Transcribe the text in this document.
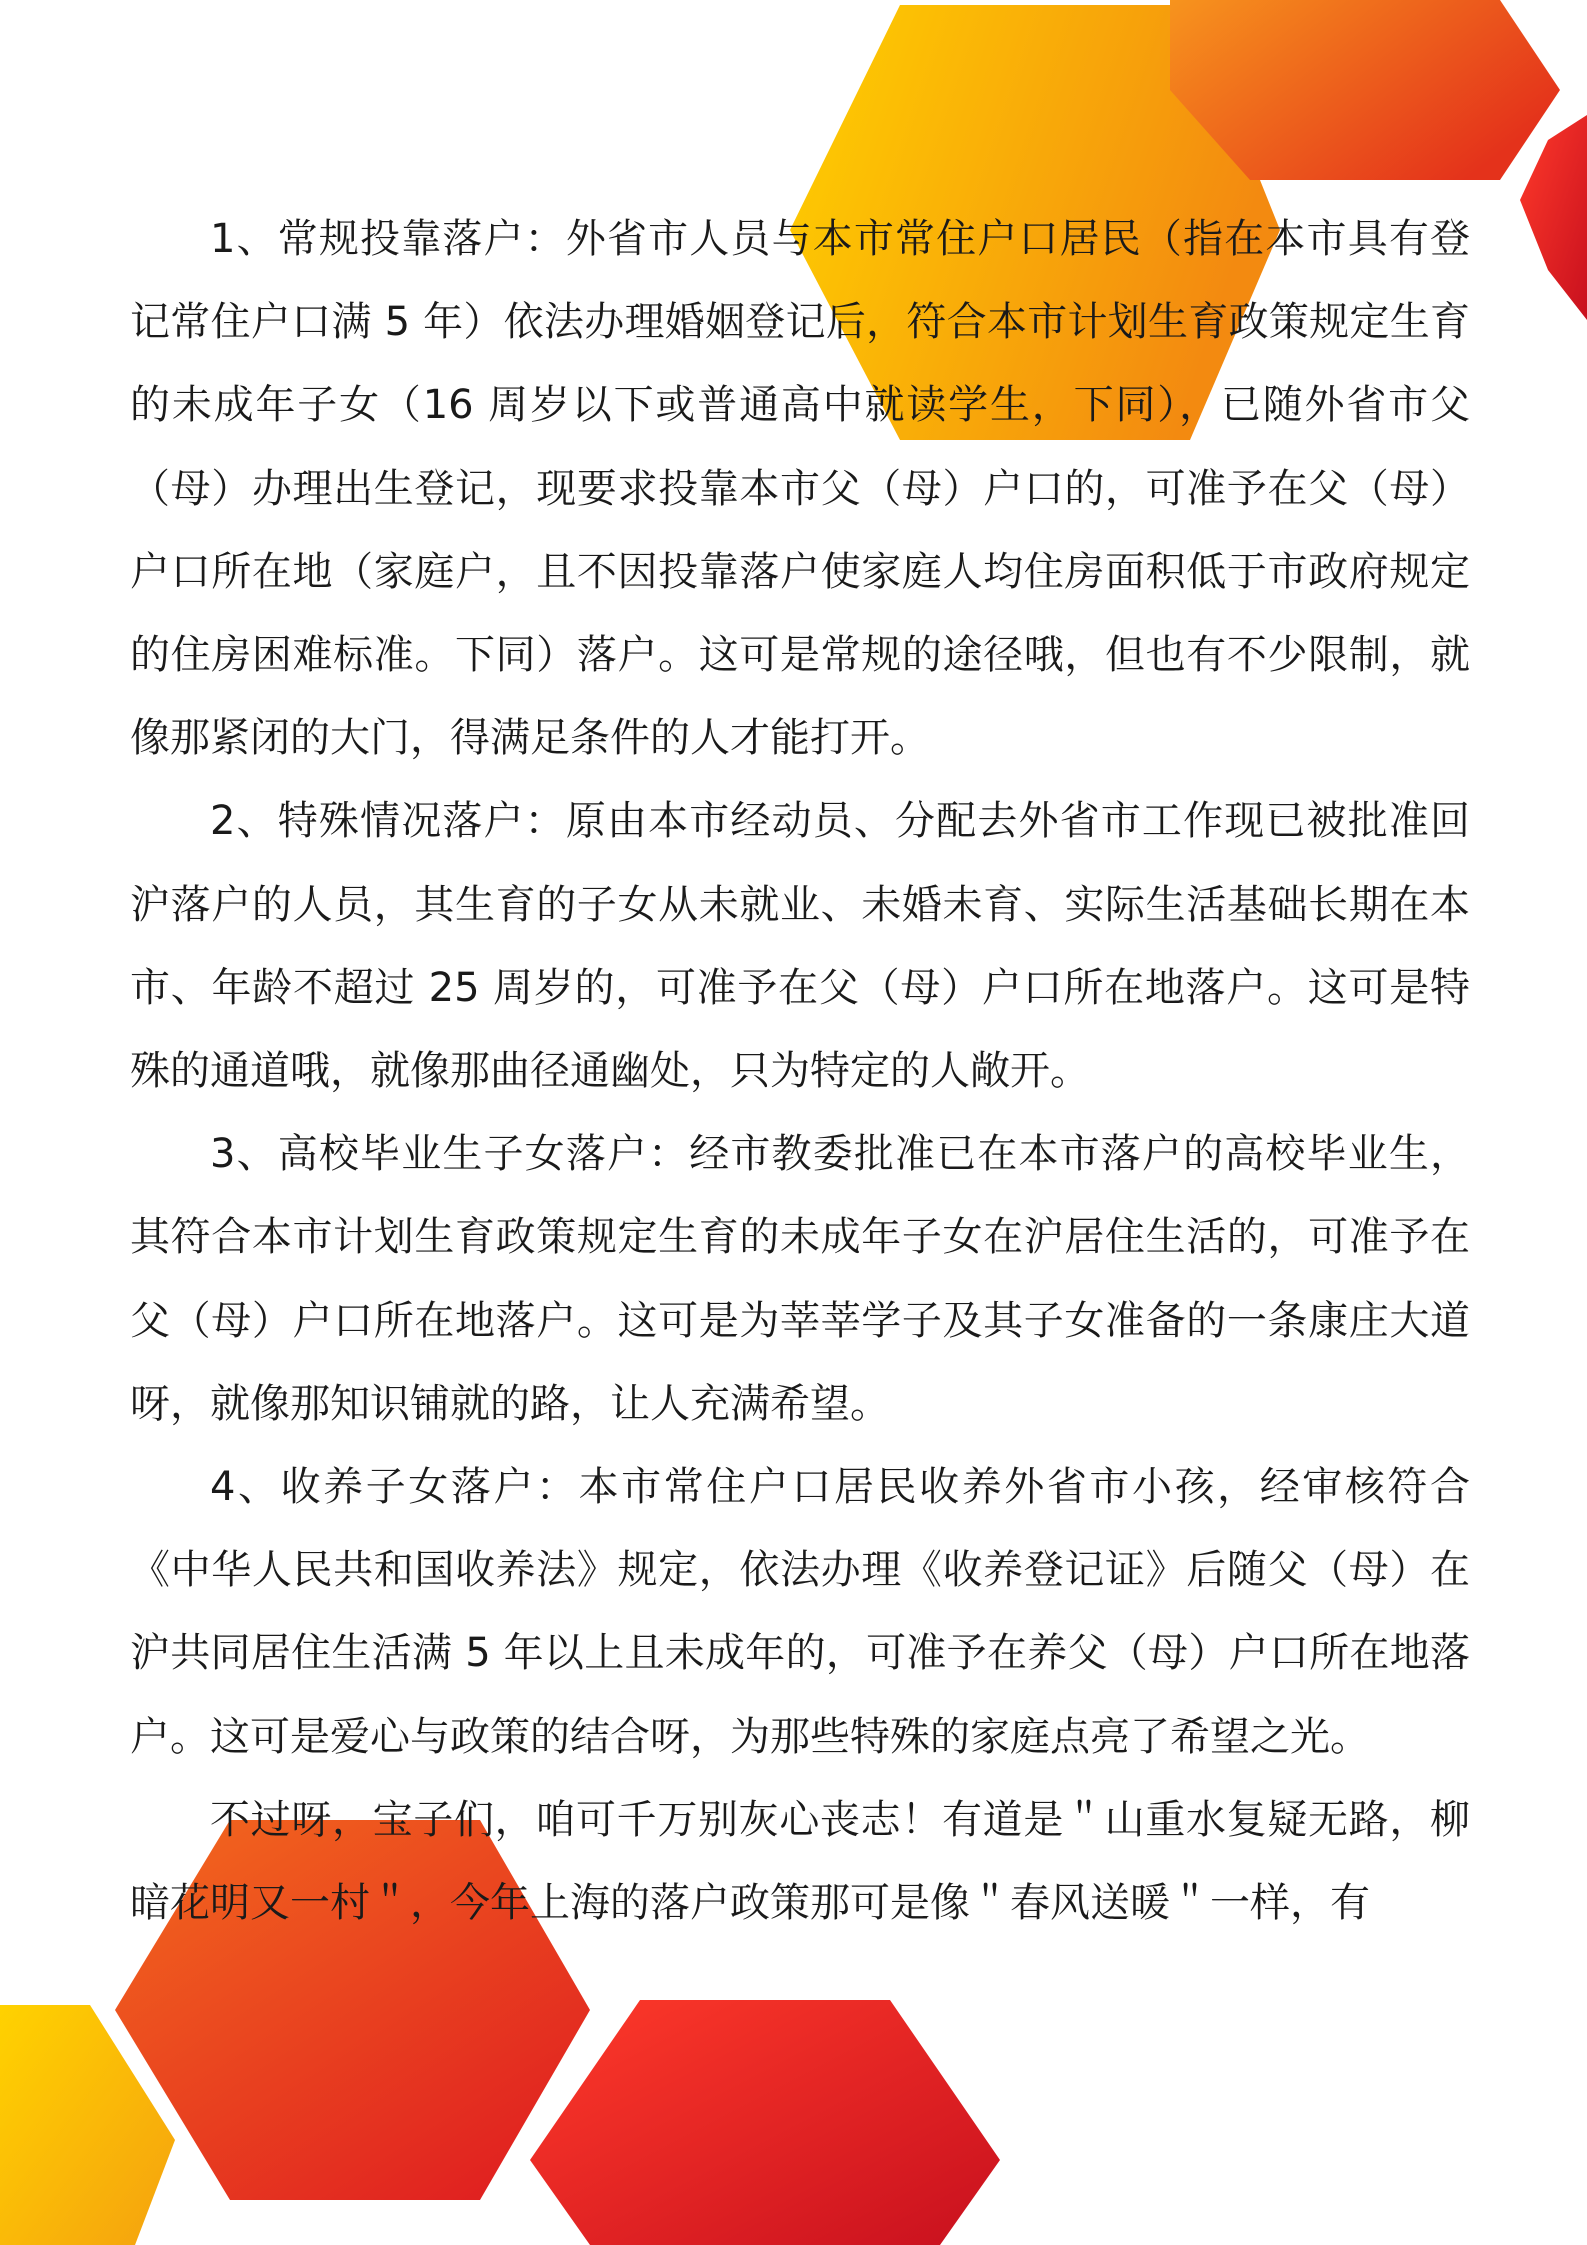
1、常规投靠落户：外省市人员与本市常住户口居民（指在本市具有登记常住户口满 5 年）依法办理婚姻登记后，符合本市计划生育政策规定生育的未成年子女（16 周岁以下或普通高中就读学生，下同），已随外省市父（母）办理出生登记，现要求投靠本市父（母）户口的，可准予在父（母）户口所在地（家庭户，且不因投靠落户使家庭人均住房面积低于市政府规定的住房困难标准。下同）落户。这可是常规的途径哦，但也有不少限制，就像那紧闭的大门，得满足条件的人才能打开。

2、特殊情况落户：原由本市经动员、分配去外省市工作现已被批准回沪落户的人员，其生育的子女从未就业、未婚未育、实际生活基础长期在本市、年龄不超过 25 周岁的，可准予在父（母）户口所在地落户。这可是特殊的通道哦，就像那曲径通幽处，只为特定的人敞开。

3、高校毕业生子女落户：经市教委批准已在本市落户的高校毕业生，其符合本市计划生育政策规定生育的未成年子女在沪居住生活的，可准予在父（母）户口所在地落户。这可是为莘莘学子及其子女准备的一条康庄大道呀，就像那知识铺就的路，让人充满希望。

4、收养子女落户：本市常住户口居民收养外省市小孩，经审核符合《中华人民共和国收养法》规定，依法办理《收养登记证》后随父（母）在沪共同居住生活满 5 年以上且未成年的，可准予在养父（母）户口所在地落户。这可是爱心与政策的结合呀，为那些特殊的家庭点亮了希望之光。

不过呀，宝子们，咱可千万别灰心丧志！有道是＂山重水复疑无路，柳暗花明又一村＂，今年上海的落户政策那可是像＂春风送暖＂一样，有
